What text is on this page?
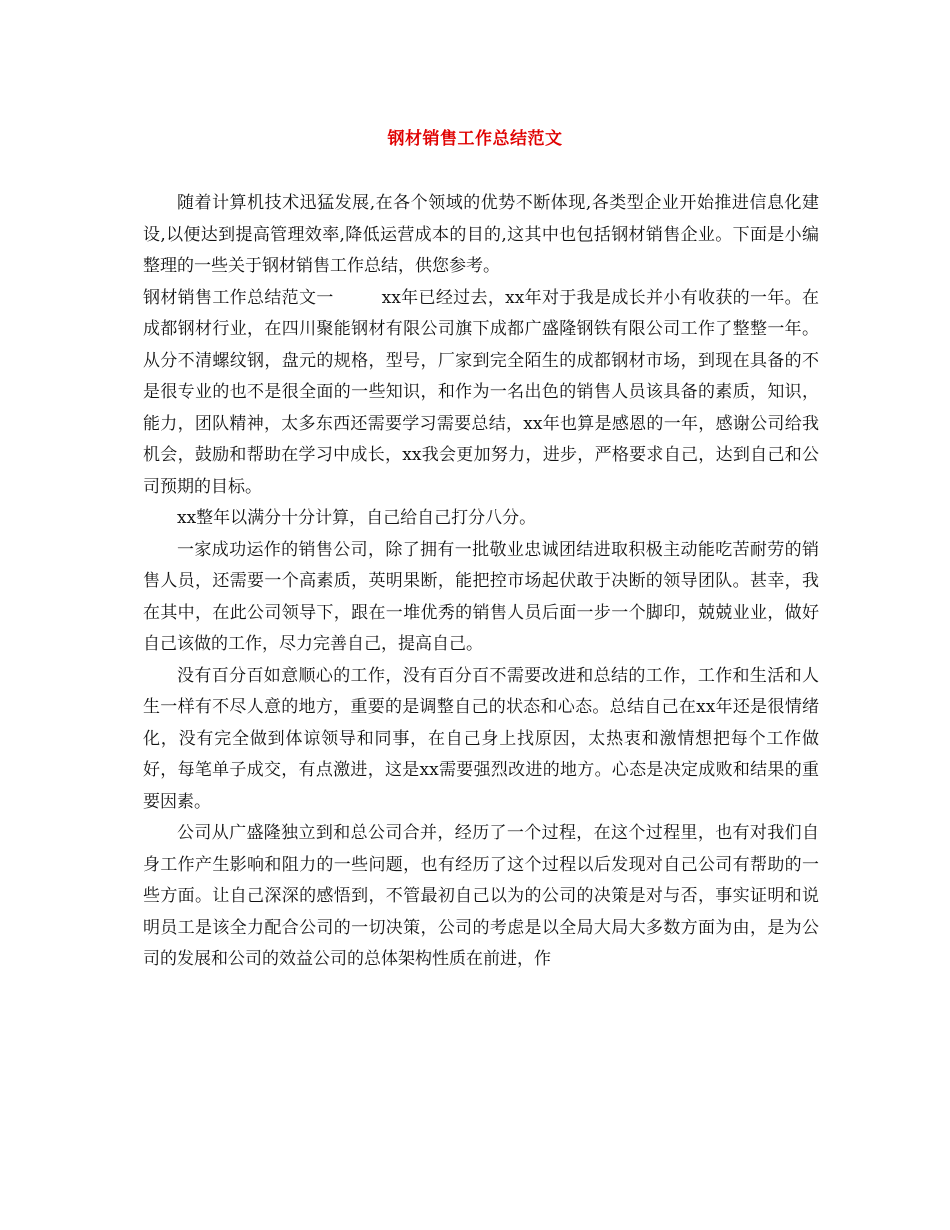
钢材销售工作总结范文

随着计算机技术迅猛发展,在各个领域的优势不断体现,各类型企业开始推进信息化建设,以便达到提高管理效率,降低运营成本的目的,这其中也包括钢材销售企业。下面是小编整理的一些关于钢材销售工作总结，供您参考。

钢材销售工作总结范文一	xx年已经过去，xx年对于我是成长并小有收获的一年。在成都钢材行业，在四川聚能钢材有限公司旗下成都广盛隆钢铁有限公司工作了整整一年。从分不清螺纹钢，盘元的规格，型号，厂家到完全陌生的成都钢材市场，到现在具备的不是很专业的也不是很全面的一些知识，和作为一名出色的销售人员该具备的素质，知识，能力，团队精神，太多东西还需要学习需要总结，xx年也算是感恩的一年，感谢公司给我机会，鼓励和帮助在学习中成长，xx我会更加努力，进步，严格要求自己，达到自己和公司预期的目标。

xx整年以满分十分计算，自己给自己打分八分。

一家成功运作的销售公司，除了拥有一批敬业忠诚团结进取积极主动能吃苦耐劳的销售人员，还需要一个高素质，英明果断，能把控市场起伏敢于决断的领导团队。甚幸，我在其中，在此公司领导下，跟在一堆优秀的销售人员后面一步一个脚印，兢兢业业，做好自己该做的工作，尽力完善自己，提高自己。

没有百分百如意顺心的工作，没有百分百不需要改进和总结的工作，工作和生活和人生一样有不尽人意的地方，重要的是调整自己的状态和心态。总结自己在xx年还是很情绪化，没有完全做到体谅领导和同事，在自己身上找原因，太热衷和激情想把每个工作做好，每笔单子成交，有点激进，这是xx需要强烈改进的地方。心态是决定成败和结果的重要因素。

公司从广盛隆独立到和总公司合并，经历了一个过程，在这个过程里，也有对我们自身工作产生影响和阻力的一些问题，也有经历了这个过程以后发现对自己公司有帮助的一些方面。让自己深深的感悟到，不管最初自己以为的公司的决策是对与否，事实证明和说明员工是该全力配合公司的一切决策，公司的考虑是以全局大局大多数方面为由，是为公司的发展和公司的效益公司的总体架构性质在前进，作
